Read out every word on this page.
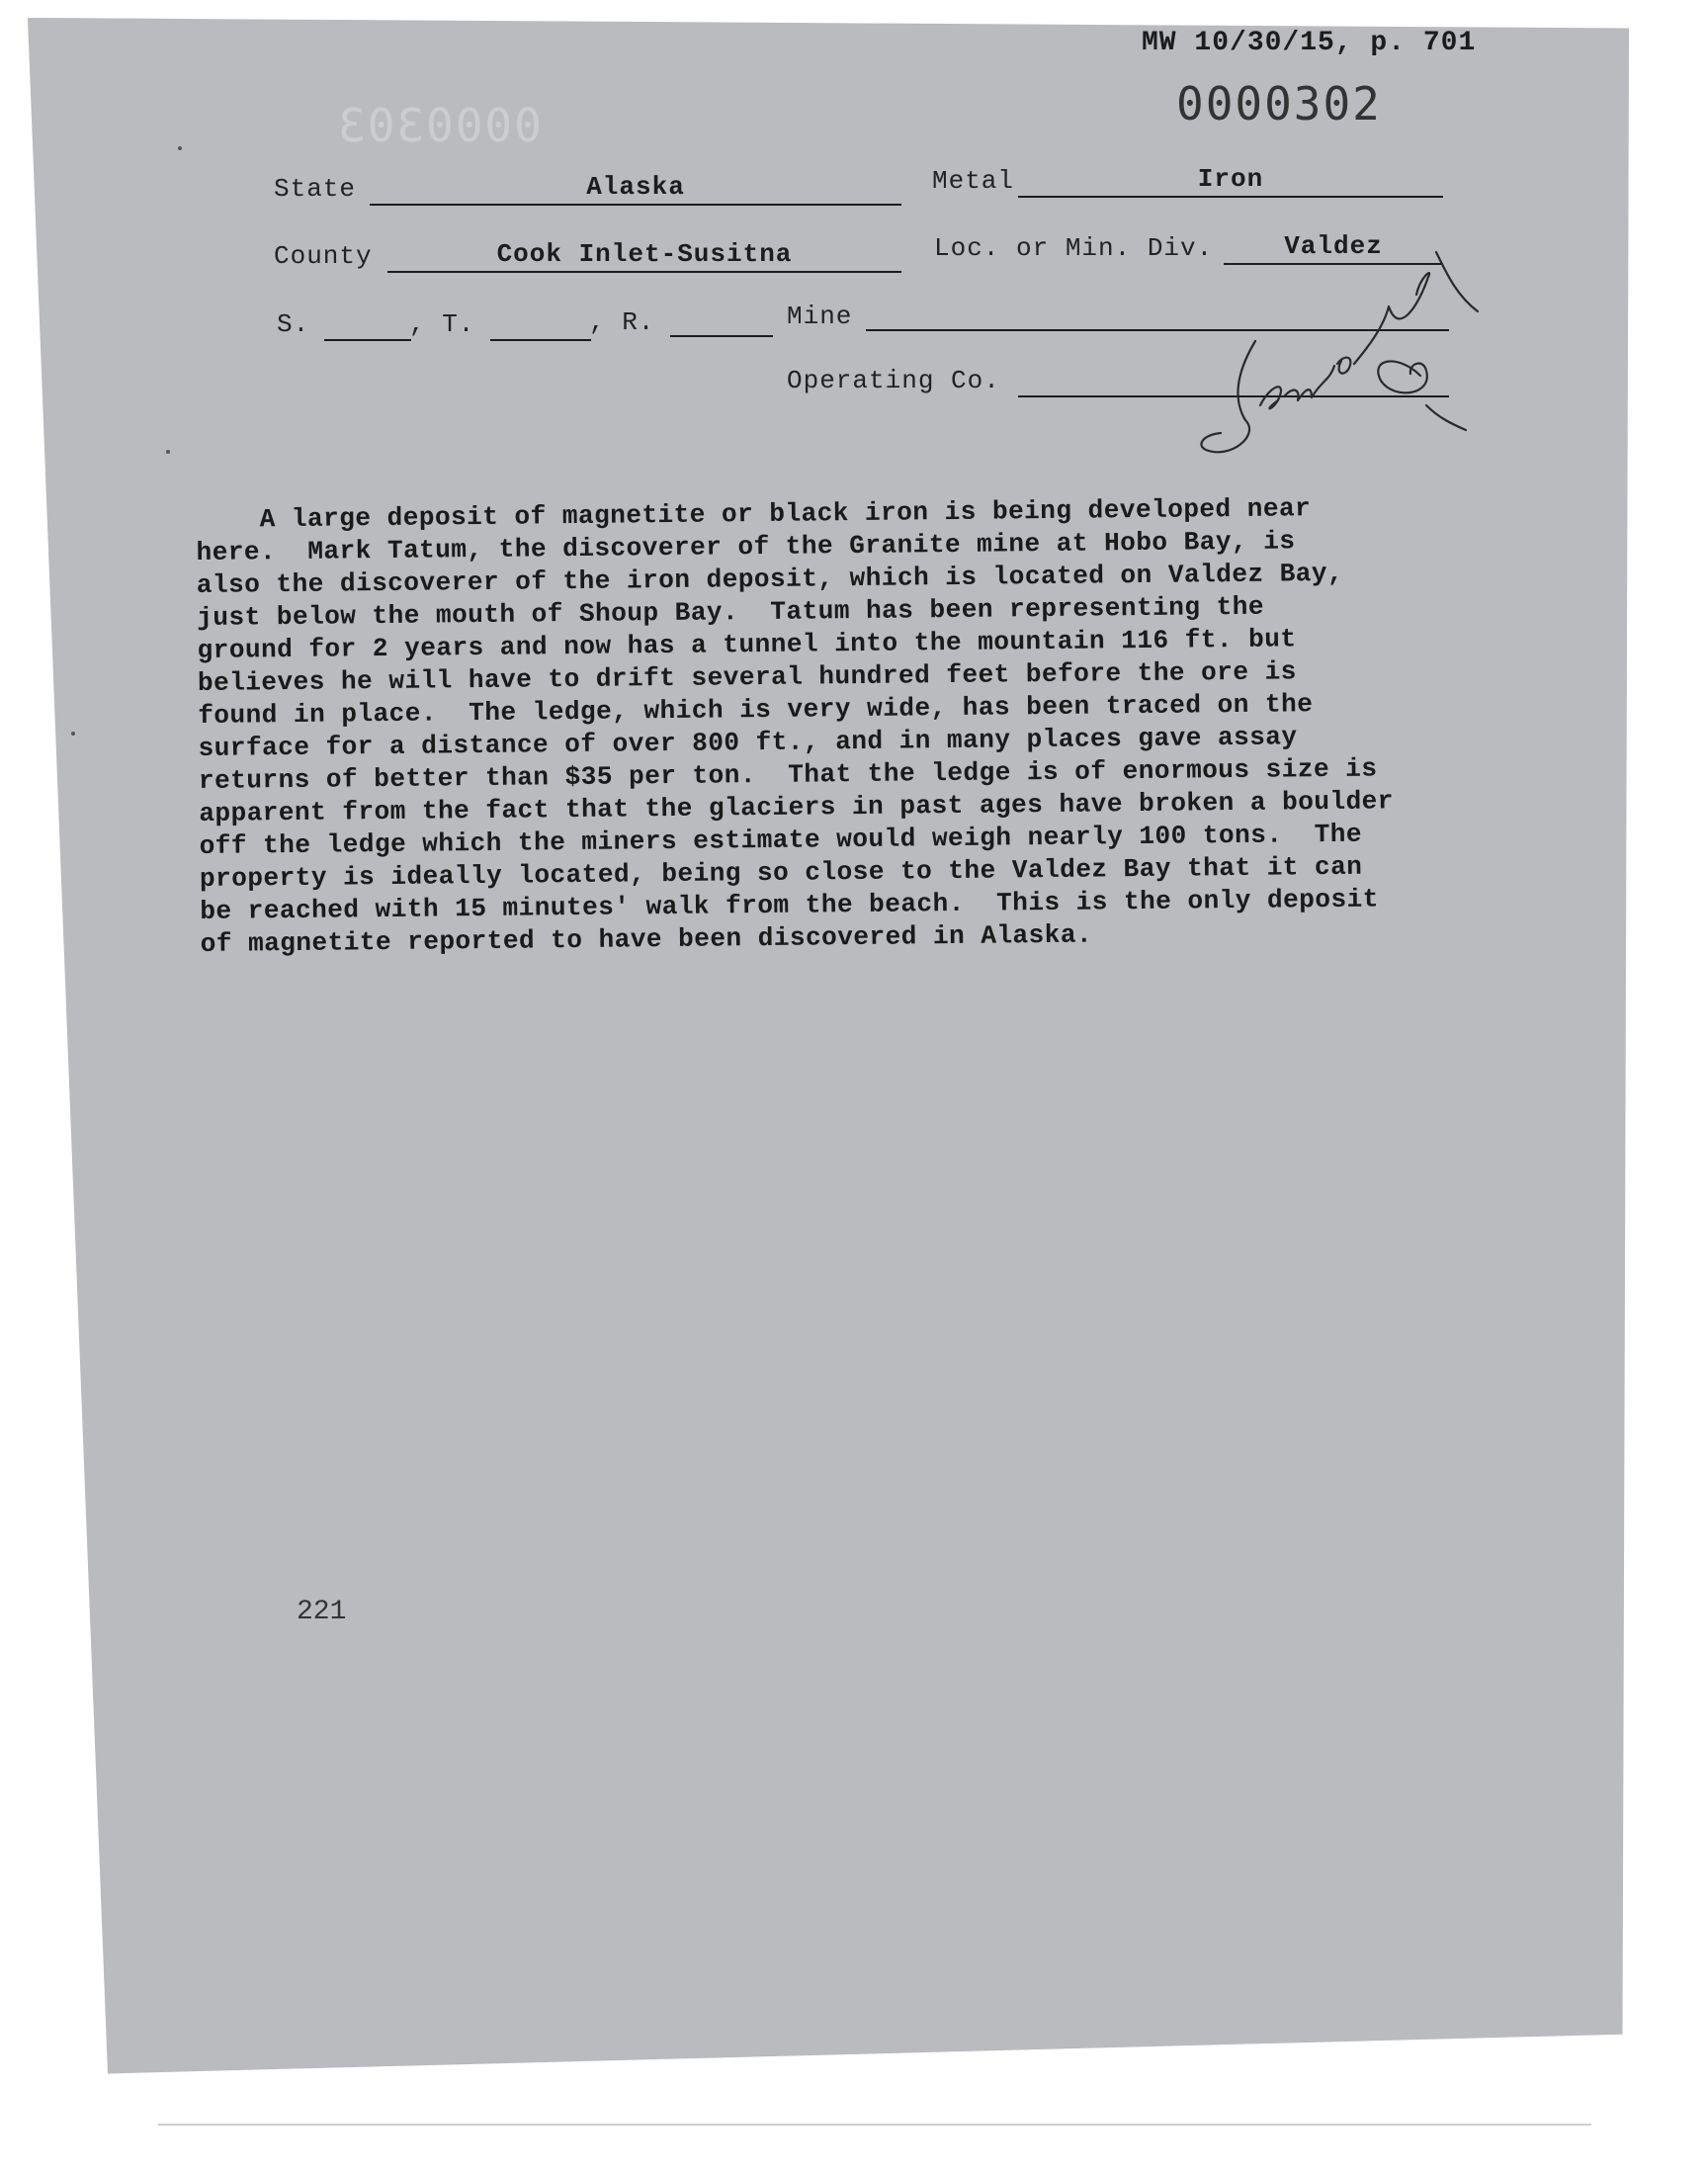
MW 10/30/15, p. 701
0000302
0000303
State	Alaska	Metal	Iron
County	Cook Inlet-Susitna	Loc. or Min. Div.	Valdez
S.	, T.	, R.	Mine
Operating Co.
A large deposit of magnetite or black iron is being developed near
here.  Mark Tatum, the discoverer of the Granite mine at Hobo Bay, is
also the discoverer of the iron deposit, which is located on Valdez Bay,
just below the mouth of Shoup Bay.  Tatum has been representing the
ground for 2 years and now has a tunnel into the mountain 116 ft. but
believes he will have to drift several hundred feet before the ore is
found in place.  The ledge, which is very wide, has been traced on the
surface for a distance of over 800 ft., and in many places gave assay
returns of better than $35 per ton.  That the ledge is of enormous size is
apparent from the fact that the glaciers in past ages have broken a boulder
off the ledge which the miners estimate would weigh nearly 100 tons.  The
property is ideally located, being so close to the Valdez Bay that it can
be reached with 15 minutes' walk from the beach.  This is the only deposit
of magnetite reported to have been discovered in Alaska.
221
